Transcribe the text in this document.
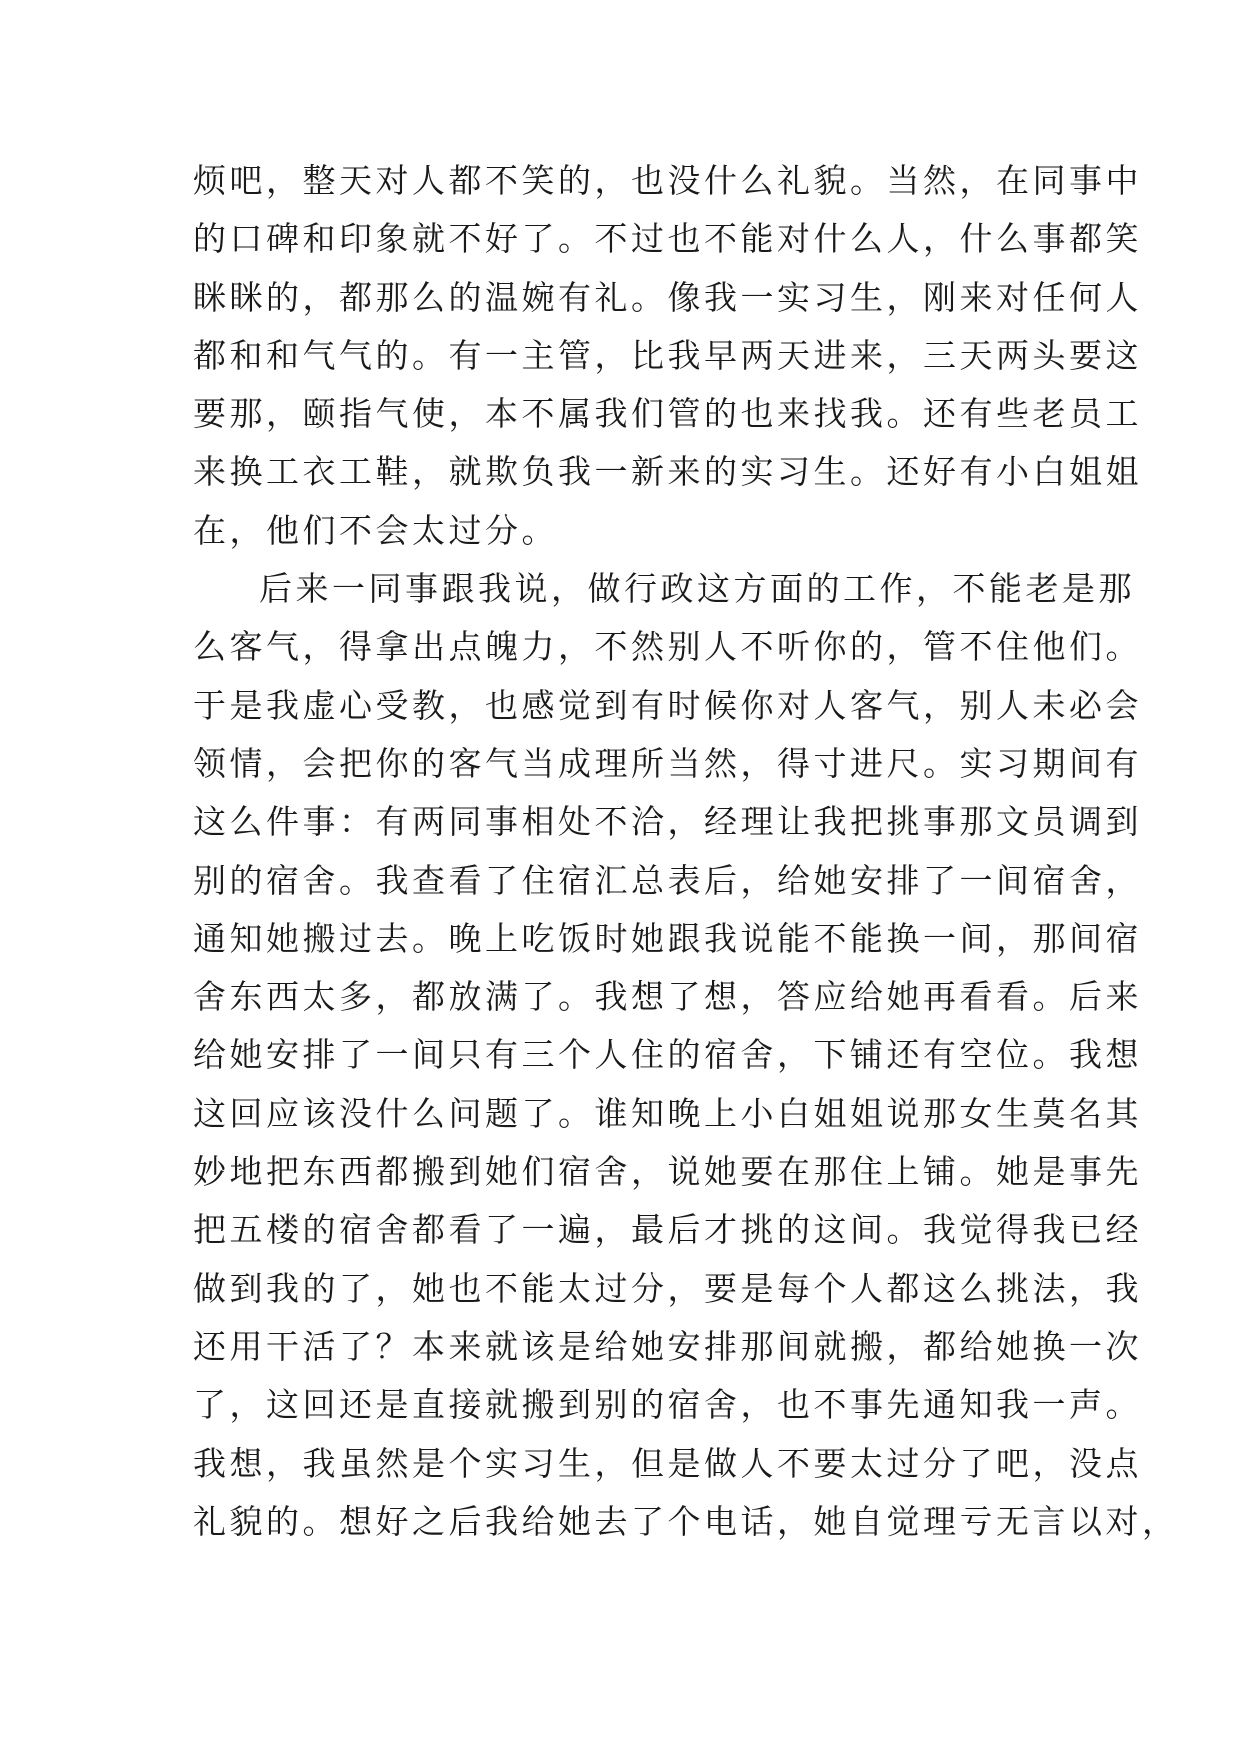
烦吧，整天对人都不笑的，也没什么礼貌。当然，在同事中
的口碑和印象就不好了。不过也不能对什么人，什么事都笑
眯眯的，都那么的温婉有礼。像我一实习生，刚来对任何人
都和和气气的。有一主管，比我早两天进来，三天两头要这
要那，颐指气使，本不属我们管的也来找我。还有些老员工
来换工衣工鞋，就欺负我一新来的实习生。还好有小白姐姐
在，他们不会太过分。
后来一同事跟我说，做行政这方面的工作，不能老是那
么客气，得拿出点魄力，不然别人不听你的，管不住他们。
于是我虚心受教，也感觉到有时候你对人客气，别人未必会
领情，会把你的客气当成理所当然，得寸进尺。实习期间有
这么件事：有两同事相处不洽，经理让我把挑事那文员调到
别的宿舍。我查看了住宿汇总表后，给她安排了一间宿舍，
通知她搬过去。晚上吃饭时她跟我说能不能换一间，那间宿
舍东西太多，都放满了。我想了想，答应给她再看看。后来
给她安排了一间只有三个人住的宿舍，下铺还有空位。我想
这回应该没什么问题了。谁知晚上小白姐姐说那女生莫名其
妙地把东西都搬到她们宿舍，说她要在那住上铺。她是事先
把五楼的宿舍都看了一遍，最后才挑的这间。我觉得我已经
做到我的了，她也不能太过分，要是每个人都这么挑法，我
还用干活了？本来就该是给她安排那间就搬，都给她换一次
了，这回还是直接就搬到别的宿舍，也不事先通知我一声。
我想，我虽然是个实习生，但是做人不要太过分了吧，没点
礼貌的。想好之后我给她去了个电话，她自觉理亏无言以对，
